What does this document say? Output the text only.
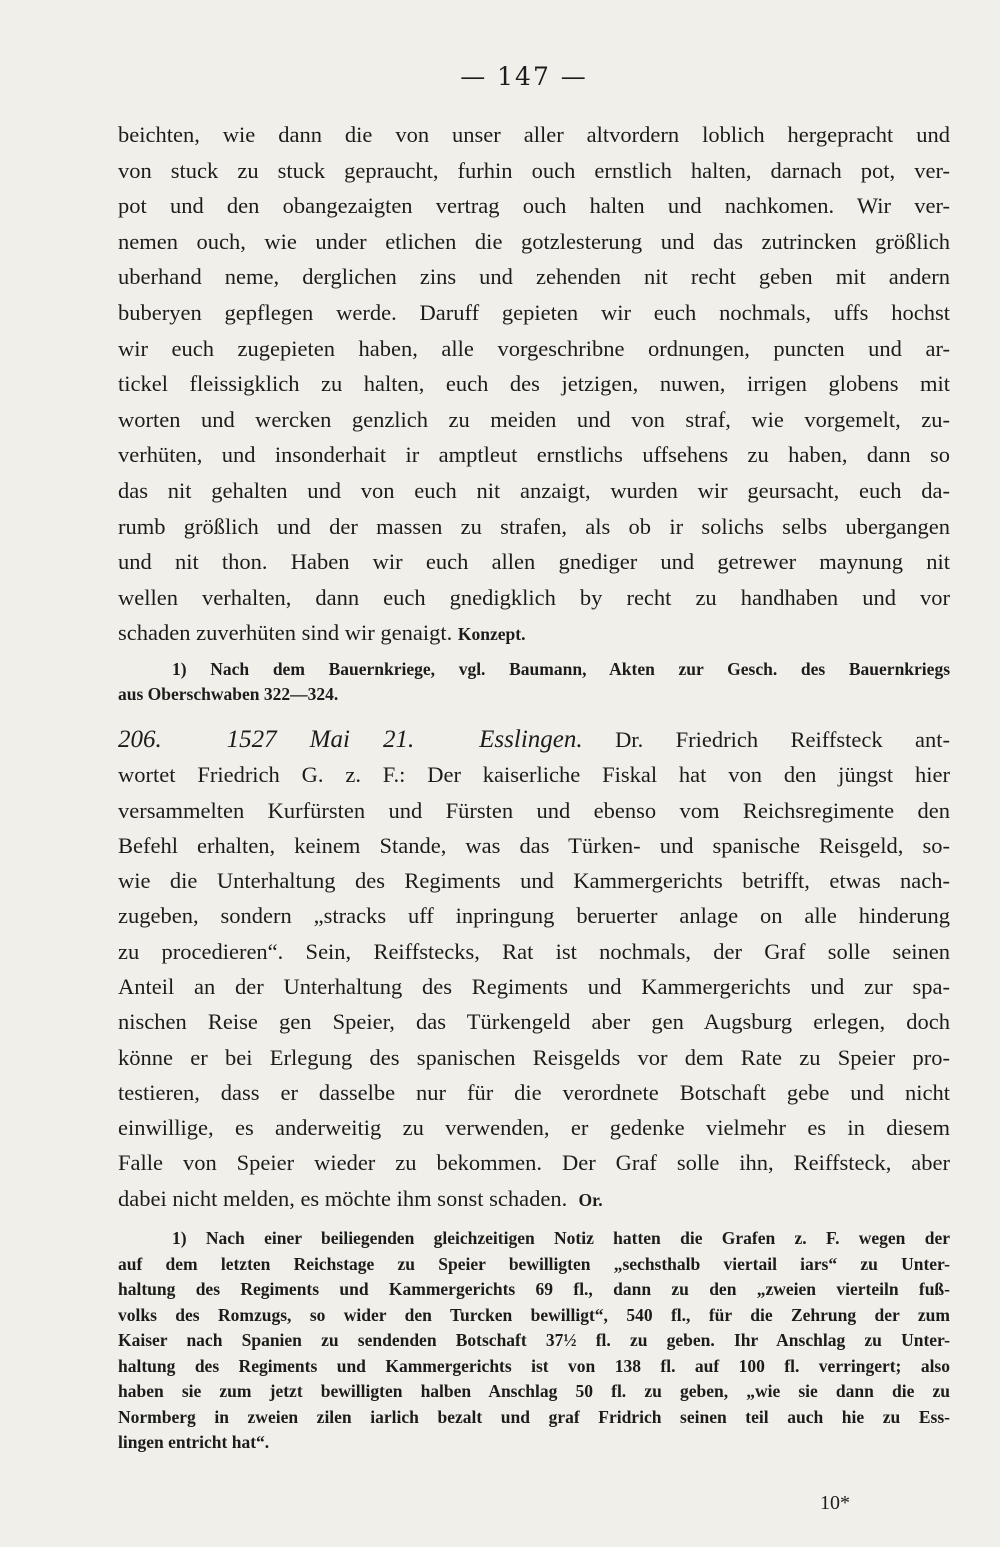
— 147 —
beichten, wie dann die von unser aller altvordern loblich hergepracht und
von stuck zu stuck gepraucht, furhin ouch ernstlich halten, darnach pot, ver-
pot und den obangezaigten vertrag ouch halten und nachkomen. Wir ver-
nemen ouch, wie under etlichen die gotzlesterung und das zutrincken größlich
uberhand neme, derglichen zins und zehenden nit recht geben mit andern
buberyen gepflegen werde. Daruff gepieten wir euch nochmals, uffs hochst
wir euch zugepieten haben, alle vorgeschribne ordnungen, puncten und ar-
tickel fleissigklich zu halten, euch des jetzigen, nuwen, irrigen globens mit
worten und wercken genzlich zu meiden und von straf, wie vorgemelt, zu-
verhüten, und insonderhait ir amptleut ernstlichs uffsehens zu haben, dann so
das nit gehalten und von euch nit anzaigt, wurden wir geursacht, euch da-
rumb größlich und der massen zu strafen, als ob ir solichs selbs ubergangen
und nit thon. Haben wir euch allen gnediger und getrewer maynung nit
wellen verhalten, dann euch gnedigklich by recht zu handhaben und vor
schaden zuverhüten sind wir genaigt. Konzept.
1) Nach dem Bauernkriege, vgl. Baumann, Akten zur Gesch. des Bauernkriegs
aus Oberschwaben 322—324.
206.	1527 Mai 21.	Esslingen. Dr. Friedrich Reiffsteck ant-
wortet Friedrich G. z. F.: Der kaiserliche Fiskal hat von den jüngst hier
versammelten Kurfürsten und Fürsten und ebenso vom Reichsregimente den
Befehl erhalten, keinem Stande, was das Türken- und spanische Reisgeld, so-
wie die Unterhaltung des Regiments und Kammergerichts betrifft, etwas nach-
zugeben, sondern „stracks uff inpringung beruerter anlage on alle hinderung
zu procedieren“. Sein, Reiffstecks, Rat ist nochmals, der Graf solle seinen
Anteil an der Unterhaltung des Regiments und Kammergerichts und zur spa-
nischen Reise gen Speier, das Türkengeld aber gen Augsburg erlegen, doch
könne er bei Erlegung des spanischen Reisgelds vor dem Rate zu Speier pro-
testieren, dass er dasselbe nur für die verordnete Botschaft gebe und nicht
einwillige, es anderweitig zu verwenden, er gedenke vielmehr es in diesem
Falle von Speier wieder zu bekommen. Der Graf solle ihn, Reiffsteck, aber
dabei nicht melden, es möchte ihm sonst schaden. Or.
1) Nach einer beiliegenden gleichzeitigen Notiz hatten die Grafen z. F. wegen der
auf dem letzten Reichstage zu Speier bewilligten „sechsthalb viertail iars“ zu Unter-
haltung des Regiments und Kammergerichts 69 fl., dann zu den „zweien vierteiln fuß-
volks des Romzugs, so wider den Turcken bewilligt“, 540 fl., für die Zehrung der zum
Kaiser nach Spanien zu sendenden Botschaft 37½ fl. zu geben. Ihr Anschlag zu Unter-
haltung des Regiments und Kammergerichts ist von 138 fl. auf 100 fl. verringert; also
haben sie zum jetzt bewilligten halben Anschlag 50 fl. zu geben, „wie sie dann die zu
Normberg in zweien zilen iarlich bezalt und graf Fridrich seinen teil auch hie zu Ess-
lingen entricht hat“.
10*
